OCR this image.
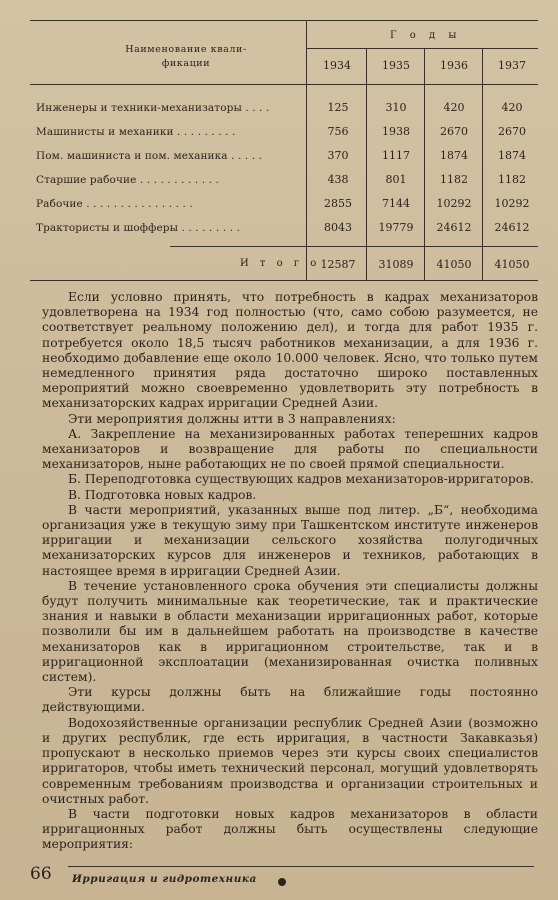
Наименование квали-
фикации
Г о д ы
1934	1935	1936	1937
Инженеры и техники-механизаторы . . . .	125	310	420	420
Машинисты и механики . . . . . . . . .	756	1938	2670	2670
Пом. машиниста и пом. механика . . . . .	370	1117	1874	1874
Старшие рабочие . . . . . . . . . . . .	438	801	1182	1182
Рабочие . . . . . . . . . . . . . . . .	2855	7144	10292	10292
Трактористы и шофферы . . . . . . . . .	8043	19779	24612	24612
И т о г о 12587	31089	41050	41050

Если условно принять, что потребность в кадрах механизаторов удовлетворена на 1934 год полностью (что, само собою разумеется, не соответствует реальному положению дел), и тогда для работ 1935 г. потребуется около 18,5 тысяч работников механизации, а для 1936 г. необходимо добавление еще около 10.000 человек. Ясно, что только путем немедленного принятия ряда достаточно широко поставленных мероприятий можно своевременно удовлетворить эту потребность в механизаторских кадрах ирригации Средней Азии.

Эти мероприятия должны итти в 3 направлениях:

А. Закрепление на механизированных работах теперешних кадров механизаторов и возвращение для работы по специальности механизаторов, ныне работающих не по своей прямой специальности.

Б. Переподготовка существующих кадров механизаторов-ирригаторов.

В. Подготовка новых кадров.

В части мероприятий, указанных выше под литер. „Б“, необходима организация уже в текущую зиму при Ташкентском институте инженеров ирригации и механизации сельского хозяйства полугодичных механизаторских курсов для инженеров и техников, работающих в настоящее время в ирригации Средней Азии.

В течение установленного срока обучения эти специалисты должны будут получить минимальные как теоретические, так и практические знания и навыки в области механизации ирригационных работ, которые позволили бы им в дальнейшем работать на производстве в качестве механизаторов как в ирригационном строительстве, так и в ирригационной эксплоатации (механизированная очистка поливных систем).

Эти курсы должны быть на ближайшие годы постоянно действующими.

Водохозяйственные организации республик Средней Азии (возможно и других республик, где есть ирригация, в частности Закавказья) пропускают в несколько приемов через эти курсы своих специалистов ирригаторов, чтобы иметь технический персонал, могущий удовлетворять современным требованиям производства и организации строительных и очистных работ.

В части подготовки новых кадров механизаторов в области ирригационных работ должны быть осуществлены следующие мероприятия:

66 Ирригация и гидротехника
